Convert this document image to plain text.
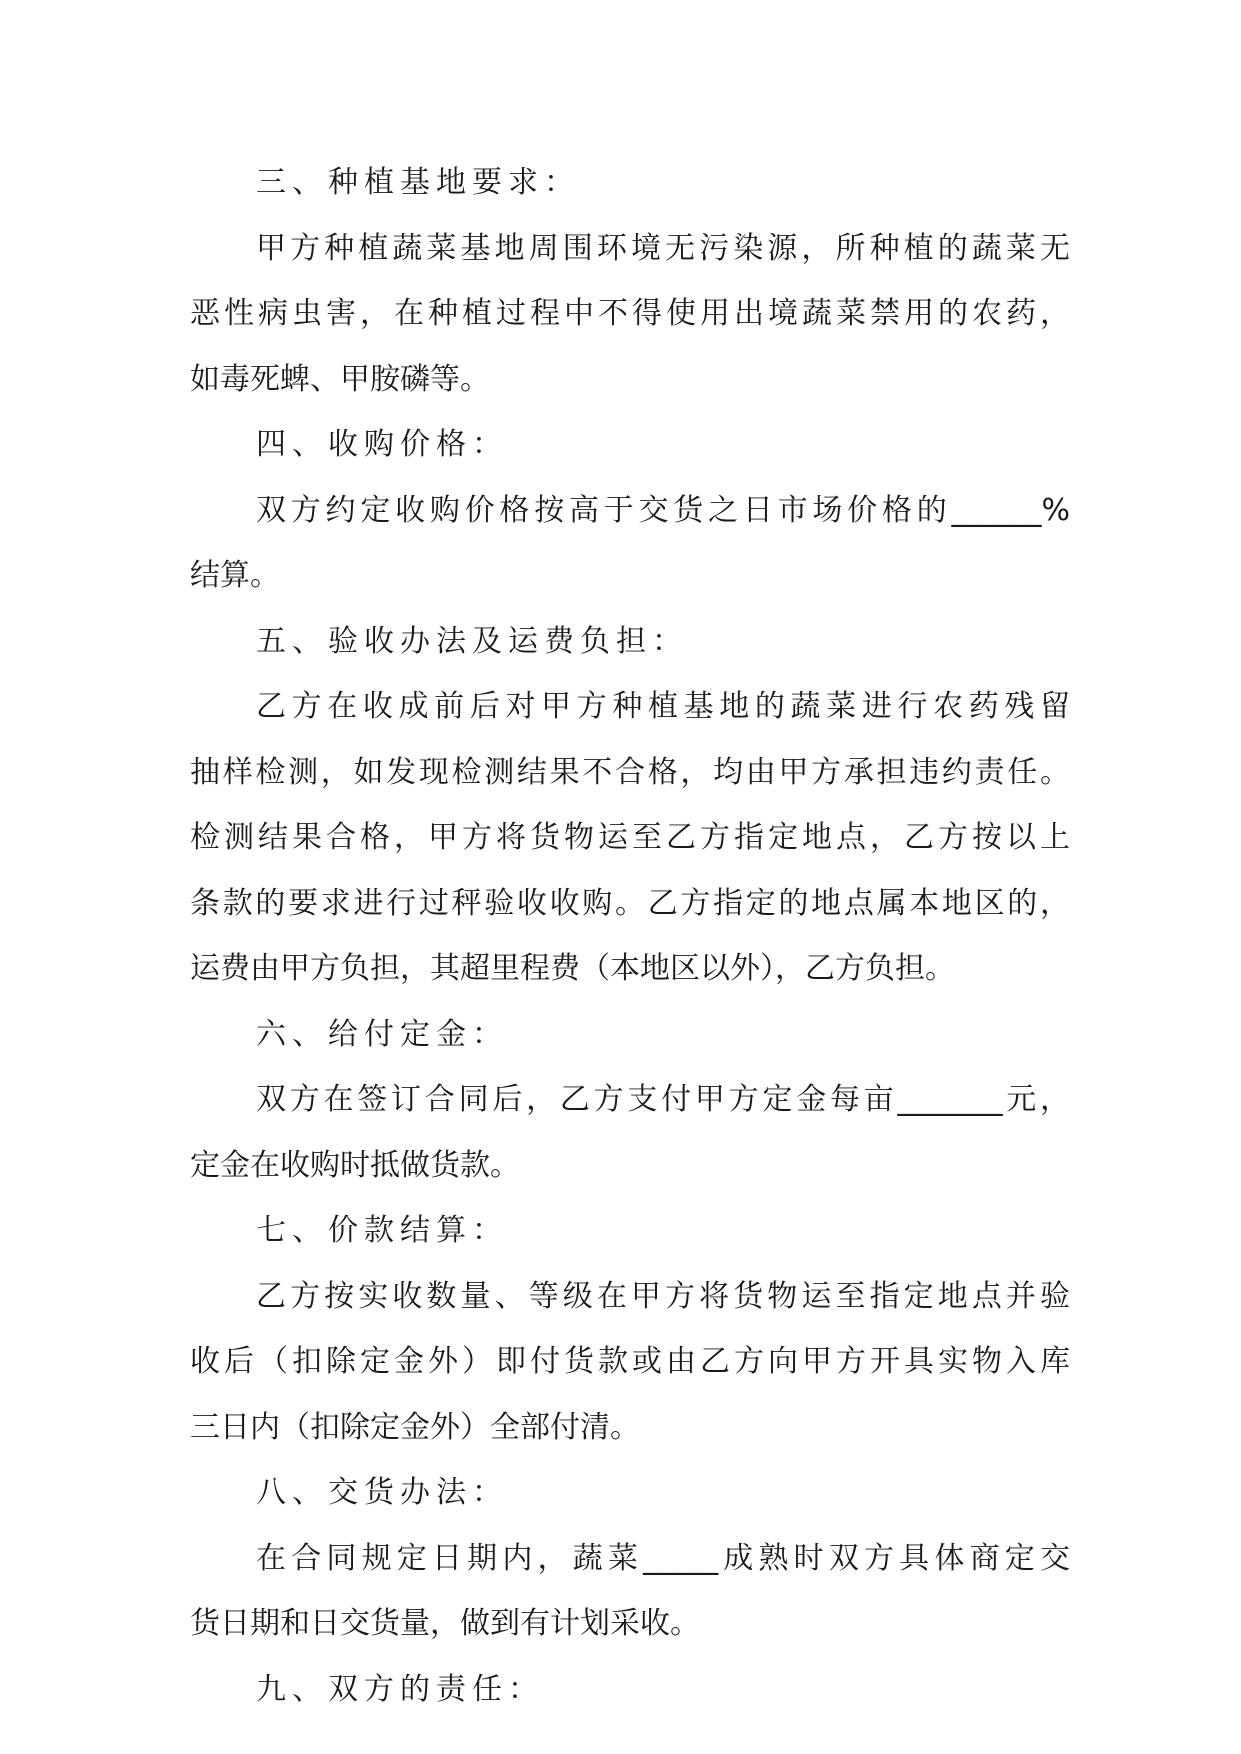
三、种植基地要求：

甲方种植蔬菜基地周围环境无污染源，所种植的蔬菜无
恶性病虫害，在种植过程中不得使用出境蔬菜禁用的农药，
如毒死蜱、甲胺磷等。

四、收购价格：

双方约定收购价格按高于交货之日市场价格的______%
结算。

五、验收办法及运费负担：

乙方在收成前后对甲方种植基地的蔬菜进行农药残留
抽样检测，如发现检测结果不合格，均由甲方承担违约责任。
检测结果合格，甲方将货物运至乙方指定地点，乙方按以上
条款的要求进行过秤验收收购。乙方指定的地点属本地区的，
运费由甲方负担，其超里程费（本地区以外），乙方负担。

六、给付定金：

双方在签订合同后，乙方支付甲方定金每亩_______元，
定金在收购时抵做货款。

七、价款结算：

乙方按实收数量、等级在甲方将货物运至指定地点并验
收后（扣除定金外）即付货款或由乙方向甲方开具实物入库
三日内（扣除定金外）全部付清。

八、交货办法：

在合同规定日期内，蔬菜_____成熟时双方具体商定交
货日期和日交货量，做到有计划采收。

九、双方的责任：
